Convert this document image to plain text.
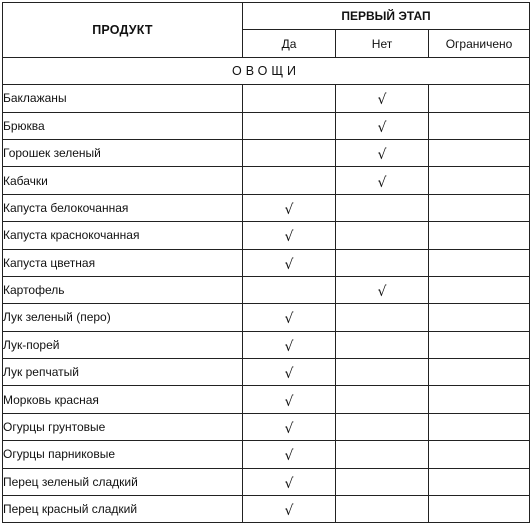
ПРОДУКТ	ПЕРВЫЙ ЭТАП		
	Да	Нет	Ограничено
ОВОЩИ			
Баклажаны		√	
Брюква		√	
Горошек зеленый		√	
Кабачки		√	
Капуста белокочанная	√		
Капуста краснокочанная	√		
Капуста цветная	√		
Картофель		√	
Лук зеленый (перо)	√		
Лук-порей	√		
Лук репчатый	√		
Морковь красная	√		
Огурцы грунтовые	√		
Огурцы парниковые	√		
Перец зеленый сладкий	√		
Перец красный сладкий	√		
